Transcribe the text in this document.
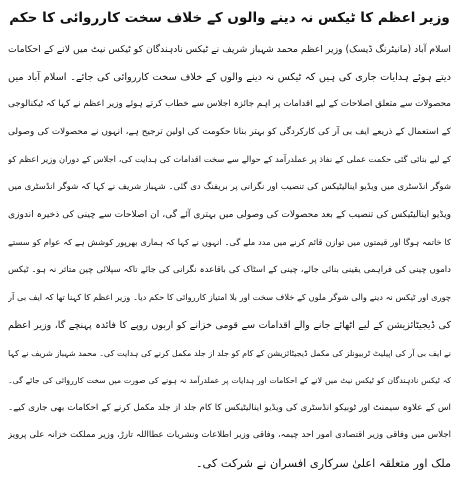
وزیر اعظم کا ٹیکس نہ دینے والوں کے خلاف سخت کارروائی کا حکم
اسلام آباد (مانیٹرنگ ڈیسک) وزیر اعظم محمد شہباز شریف نے ٹیکس نادہندگان کو ٹیکس نیٹ میں لانے کے احکامات
دیتے ہوئے ہدایات جاری کی ہیں کہ ٹیکس نہ دینے والوں کے خلاف سخت کارروائی کی جائے۔ اسلام آباد میں
محصولات سے متعلق اصلاحات کے لیے اقدامات پر اہم جائزہ اجلاس سے خطاب کرتے ہوئے وزیر اعظم نے کہا کہ ٹیکنالوجی
کے استعمال کے ذریعے ایف بی آر کی کارکردگی کو بہتر بنانا حکومت کی اولین ترجیح ہے، انہوں نے محصولات کی وصولی
کے لیے بنائی گئی حکمت عملی کے نفاذ پر عملدرآمد کے حوالے سے سخت اقدامات کی ہدایت کی، اجلاس کے دوران وزیر اعظم کو
شوگر انڈسٹری میں ویڈیو اینالیٹیکس کی تنصیب اور نگرانی پر بریفنگ دی گئی۔ شہباز شریف نے کہا کہ شوگر انڈسٹری میں
ویڈیو اینالیٹیکس کی تنصیب کے بعد محصولات کی وصولی میں بہتری آئے گی، ان اصلاحات سے چینی کی ذخیرہ اندوزی
کا خاتمہ ہوگا اور قیمتوں میں توازن قائم کرنے میں مدد ملے گی۔ انہوں نے کہا کہ ہماری بھرپور کوشش ہے کہ عوام کو سستے
داموں چینی کی فراہمی یقینی بنائی جائے، چینی کے اسٹاک کی باقاعدہ نگرانی کی جائے تاکہ سپلائی چین متاثر نہ ہو۔ ٹیکس
چوری اور ٹیکس نہ دینے والی شوگر ملوں کے خلاف سخت اور بلا امتیاز کارروائی کا حکم دیا۔ وزیر اعظم کا کہنا تھا کہ ایف بی آر
کی ڈیجیٹائزیشن کے لیے اٹھائے جانے والے اقدامات سے قومی خزانے کو اربوں روپے کا فائدہ پہنچے گا، وزیر اعظم
نے ایف بی آر کی اپیلیٹ ٹربیونلز کی مکمل ڈیجیٹائزیشن کے کام کو جلد از جلد مکمل کرنے کی ہدایت کی۔ محمد شہباز شریف نے کہا
کہ ٹیکس نادہندگان کو ٹیکس نیٹ میں لانے کے احکامات اور ہدایات پر عملدرآمد نہ ہونے کی صورت میں سخت کارروائی کی جائے گی۔
اس کے علاوہ سیمنٹ اور ٹوبیکو انڈسٹری کی ویڈیو اینالیٹیکس کا کام جلد از جلد مکمل کرنے کے احکامات بھی جاری کیے۔
اجلاس میں وفاقی وزیر اقتصادی امور احد چیمہ، وفاقی وزیر اطلاعات ونشریات عطااللہ تارڑ، وزیر مملکت خزانہ علی پرویز
ملک اور متعلقہ اعلیٰ سرکاری افسران نے شرکت کی۔
